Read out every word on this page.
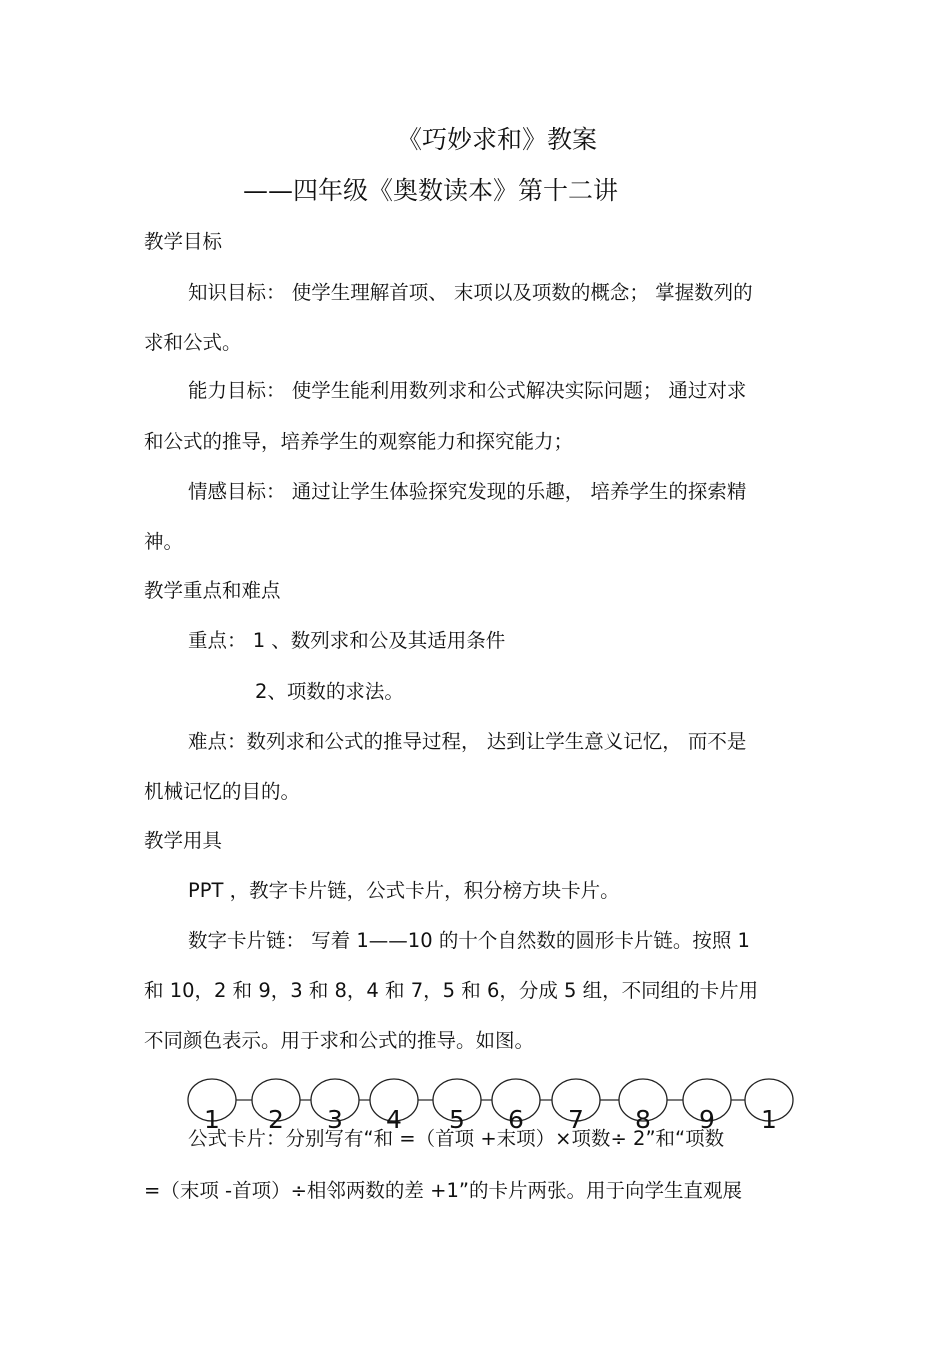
《巧妙求和》教案
——四年级《奥数读本》第十二讲
教学目标
知识目标： 使学生理解首项、 末项以及项数的概念； 掌握数列的
求和公式。
能力目标： 使学生能利用数列求和公式解决实际问题； 通过对求
和公式的推导，培养学生的观察能力和探究能力；
情感目标： 通过让学生体验探究发现的乐趣， 培养学生的探索精
神。
教学重点和难点
重点： 1 、数列求和公及其适用条件
2、项数的求法。
难点：数列求和公式的推导过程， 达到让学生意义记忆， 而不是
机械记忆的目的。
教学用具
PPT ，教字卡片链，公式卡片，积分榜方块卡片。
数字卡片链： 写着 1——10 的十个自然数的圆形卡片链。按照 1
和 10，2 和 9，3 和 8，4 和 7，5 和 6，分成 5 组，不同组的卡片用
不同颜色表示。用于求和公式的推导。如图。
1 2 3 4 5 6 7 8 9 1
公式卡片：分别写有“和 =（首项 +末项）×项数÷ 2”和“项数
=（末项 -首项）÷相邻两数的差 +1”的卡片两张。用于向学生直观展
